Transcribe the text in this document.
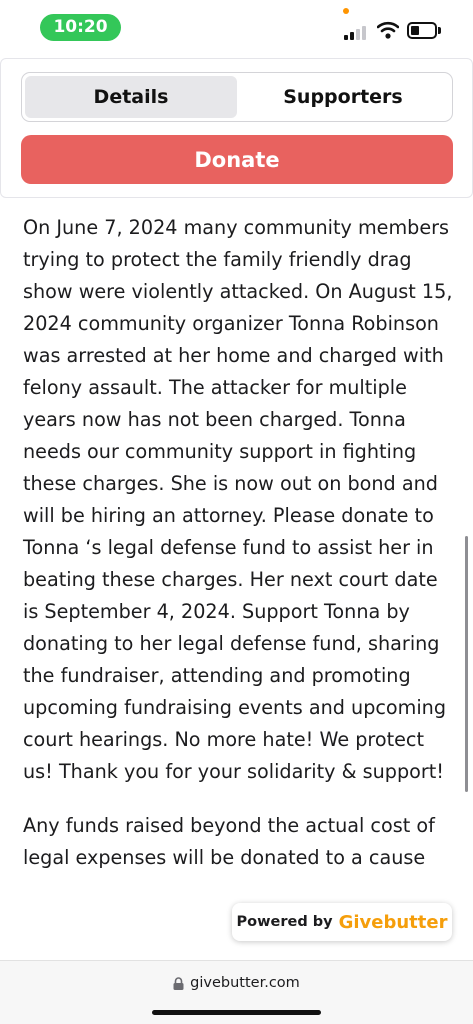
10:20
Details	Supporters
Donate

On June 7, 2024 many community members trying to protect the family friendly drag show were violently attacked. On August 15, 2024 community organizer Tonna Robinson was arrested at her home and charged with felony assault. The attacker for multiple years now has not been charged. Tonna needs our community support in fighting these charges. She is now out on bond and will be hiring an attorney. Please donate to Tonna ‘s legal defense fund to assist her in beating these charges. Her next court date is September 4, 2024. Support Tonna by donating to her legal defense fund, sharing the fundraiser, attending and promoting upcoming fundraising events and upcoming court hearings. No more hate! We protect us! Thank you for your solidarity & support!

Any funds raised beyond the actual cost of legal expenses will be donated to a cause

Powered by Givebutter
givebutter.com
